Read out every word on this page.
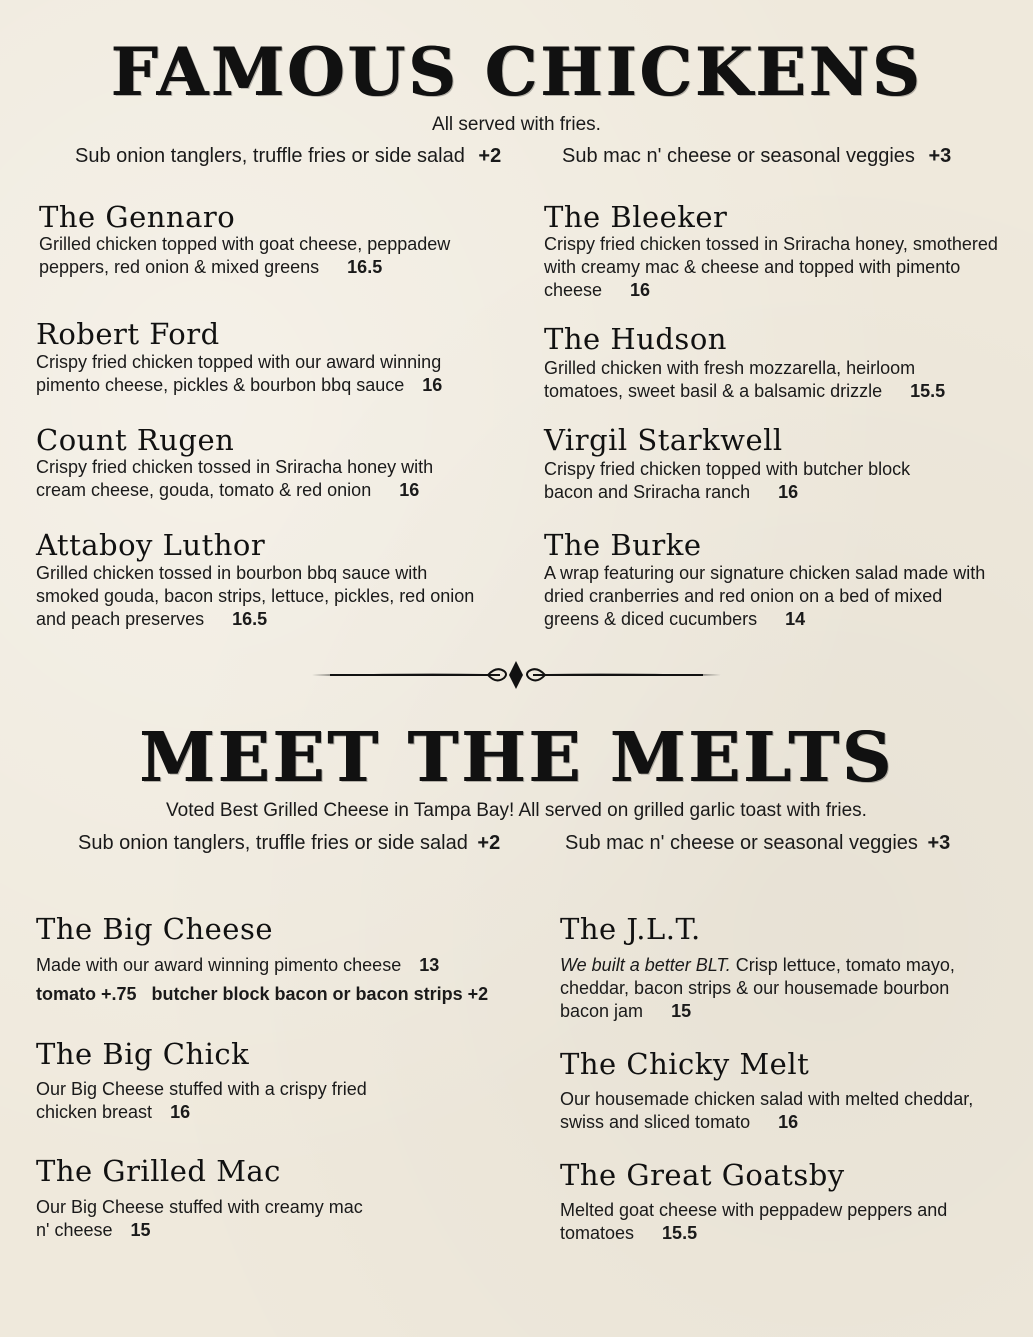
FAMOUS CHICKENS
All served with fries.
Sub onion tanglers, truffle fries or side salad +2	Sub mac n' cheese or seasonal veggies +3
The Gennaro
Grilled chicken topped with goat cheese, peppadew peppers, red onion & mixed greens 16.5
Robert Ford
Crispy fried chicken topped with our award winning pimento cheese, pickles & bourbon bbq sauce 16
Count Rugen
Crispy fried chicken tossed in Sriracha honey with cream cheese, gouda, tomato & red onion 16
Attaboy Luthor
Grilled chicken tossed in bourbon bbq sauce with smoked gouda, bacon strips, lettuce, pickles, red onion and peach preserves 16.5
The Bleeker
Crispy fried chicken tossed in Sriracha honey, smothered with creamy mac & cheese and topped with pimento cheese 16
The Hudson
Grilled chicken with fresh mozzarella, heirloom tomatoes, sweet basil & a balsamic drizzle 15.5
Virgil Starkwell
Crispy fried chicken topped with butcher block bacon and Sriracha ranch 16
The Burke
A wrap featuring our signature chicken salad made with dried cranberries and red onion on a bed of mixed greens & diced cucumbers 14
MEET THE MELTS
Voted Best Grilled Cheese in Tampa Bay! All served on grilled garlic toast with fries.
Sub onion tanglers, truffle fries or side salad +2	Sub mac n' cheese or seasonal veggies +3
The Big Cheese
Made with our award winning pimento cheese 13
tomato +.75   butcher block bacon or bacon strips +2
The Big Chick
Our Big Cheese stuffed with a crispy fried chicken breast 16
The Grilled Mac
Our Big Cheese stuffed with creamy mac n' cheese 15
The J.L.T.
We built a better BLT. Crisp lettuce, tomato mayo, cheddar, bacon strips & our housemade bourbon bacon jam 15
The Chicky Melt
Our housemade chicken salad with melted cheddar, swiss and sliced tomato 16
The Great Goatsby
Melted goat cheese with peppadew peppers and tomatoes 15.5
